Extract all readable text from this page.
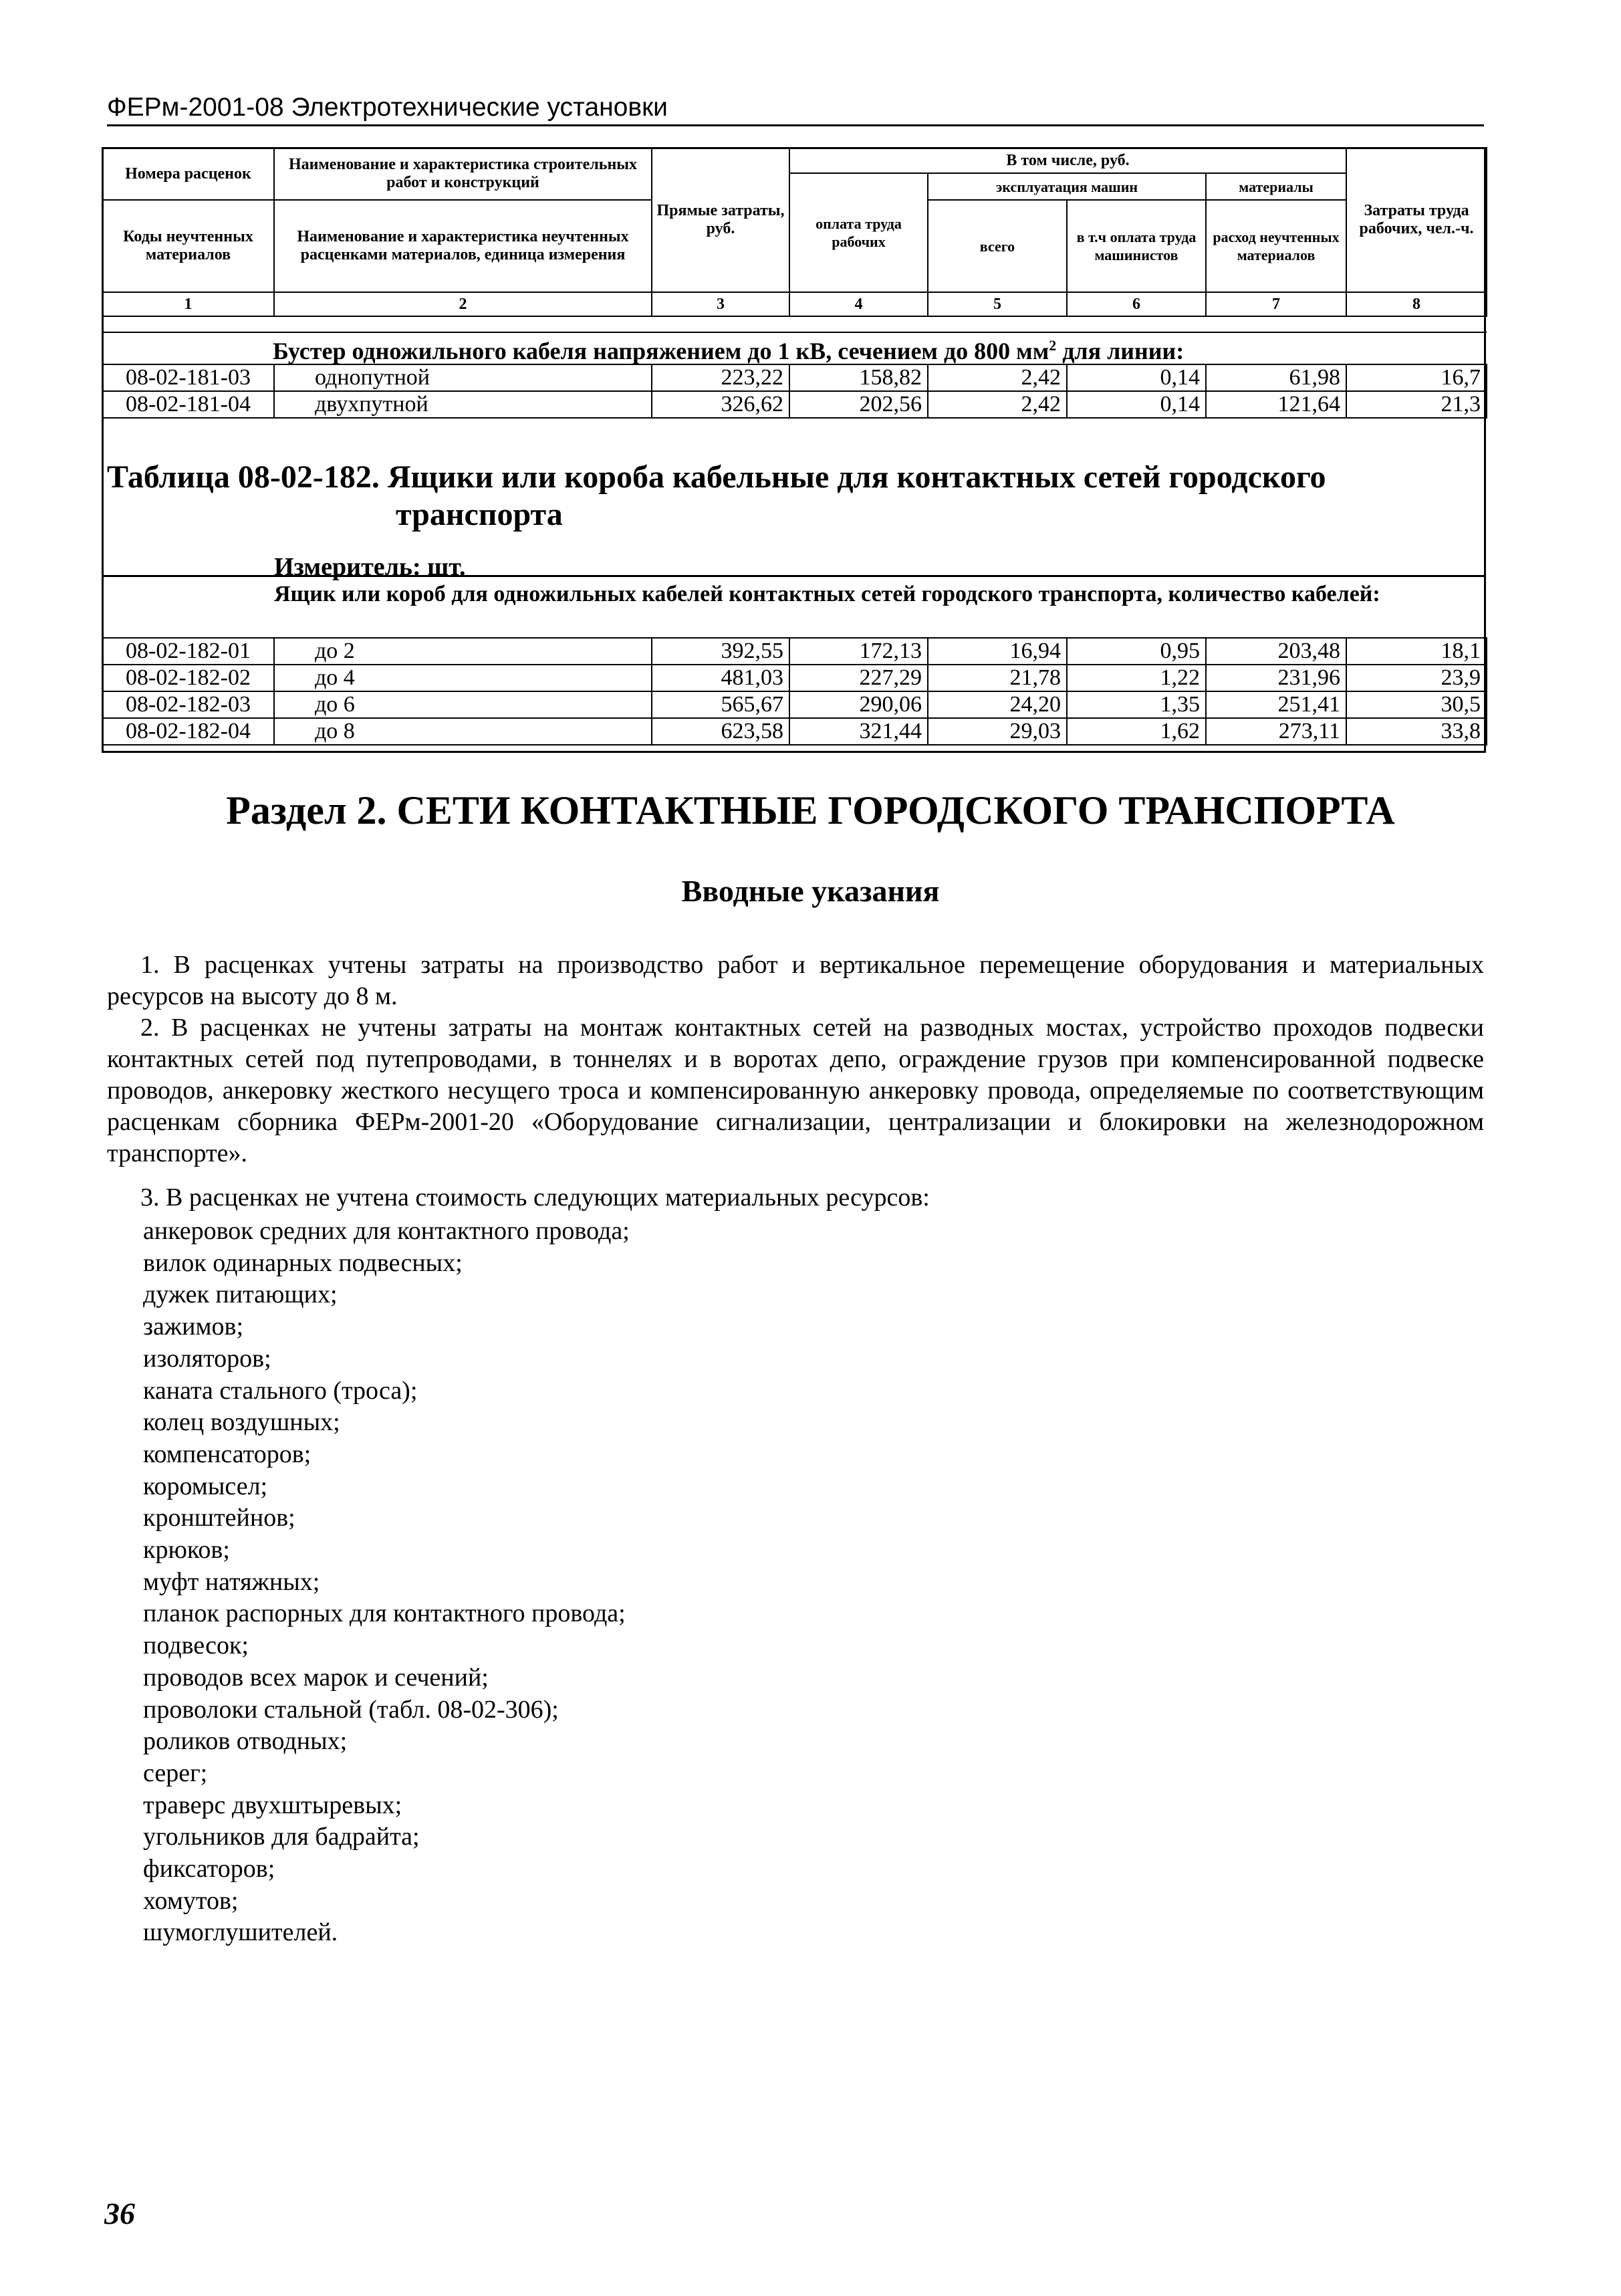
ФЕРм-2001-08 Электротехнические установки
Номера расценок	Наименование и характеристика строительных работ и конструкций	Прямые затраты, руб.	В том числе, руб.				Затраты труда рабочих, чел.-ч.
			оплата труда рабочих	эксплуатация машин		материалы	
Коды неучтенных материалов	Наименование и характеристика неучтенных расценками материалов, единица измерения			всего	в т.ч оплата труда машинистов	расход неучтенных материалов	

1	2	3	4	5	6	7	8
Бустер одножильного кабеля напряжением до 1 кВ, сечением до 800 $мм^2$ для линии:							
08-02-181-03	однопутной	223,22	158,82	2,42	0,14	61,98	16,7
08-02-181-04	двухпутной	326,62	202,56	2,42	0,14	121,64	21,3
Таблица 08-02-182. Ящики или короба кабельные для контактных сетей городского
транспорта
Измеритель: шт.
Ящик или короб для одножильных кабелей контактных сетей городского транспорта, количество кабелей:
08-02-182-01	до 2	392,55	172,13	16,94	0,95	203,48	18,1
08-02-182-02	до 4	481,03	227,29	21,78	1,22	231,96	23,9
08-02-182-03	до 6	565,67	290,06	24,20	1,35	251,41	30,5
08-02-182-04	до 8	623,58	321,44	29,03	1,62	273,11	33,8
Раздел 2. СЕТИ КОНТАКТНЫЕ ГОРОДСКОГО ТРАНСПОРТА
Вводные указания
1. В расценках учтены затраты на производство работ и вертикальное перемещение оборудования и материальных ресурсов на высоту до 8 м.
2. В расценках не учтены затраты на монтаж контактных сетей на разводных мостах, устройство проходов подвески контактных сетей под путепроводами, в тоннелях и в воротах депо, ограждение грузов при компенсированной подвеске проводов, анкеровку жесткого несущего троса и компенсированную анкеровку провода, определяемые по соответствующим расценкам сборника ФЕРм-2001-20 «Оборудование сигнализации, централизации и блокировки на железнодорожном транспорте».
3. В расценках не учтена стоимость следующих материальных ресурсов:
анкеровок средних для контактного провода;
вилок одинарных подвесных;
дужек питающих;
зажимов;
изоляторов;
каната стального (троса);
колец воздушных;
компенсаторов;
коромысел;
кронштейнов;
крюков;
муфт натяжных;
планок распорных для контактного провода;
подвесок;
проводов всех марок и сечений;
проволоки стальной (табл. 08-02-306);
роликов отводных;
серег;
траверс двухштыревых;
угольников для бадрайта;
фиксаторов;
хомутов;
шумоглушителей.
36
